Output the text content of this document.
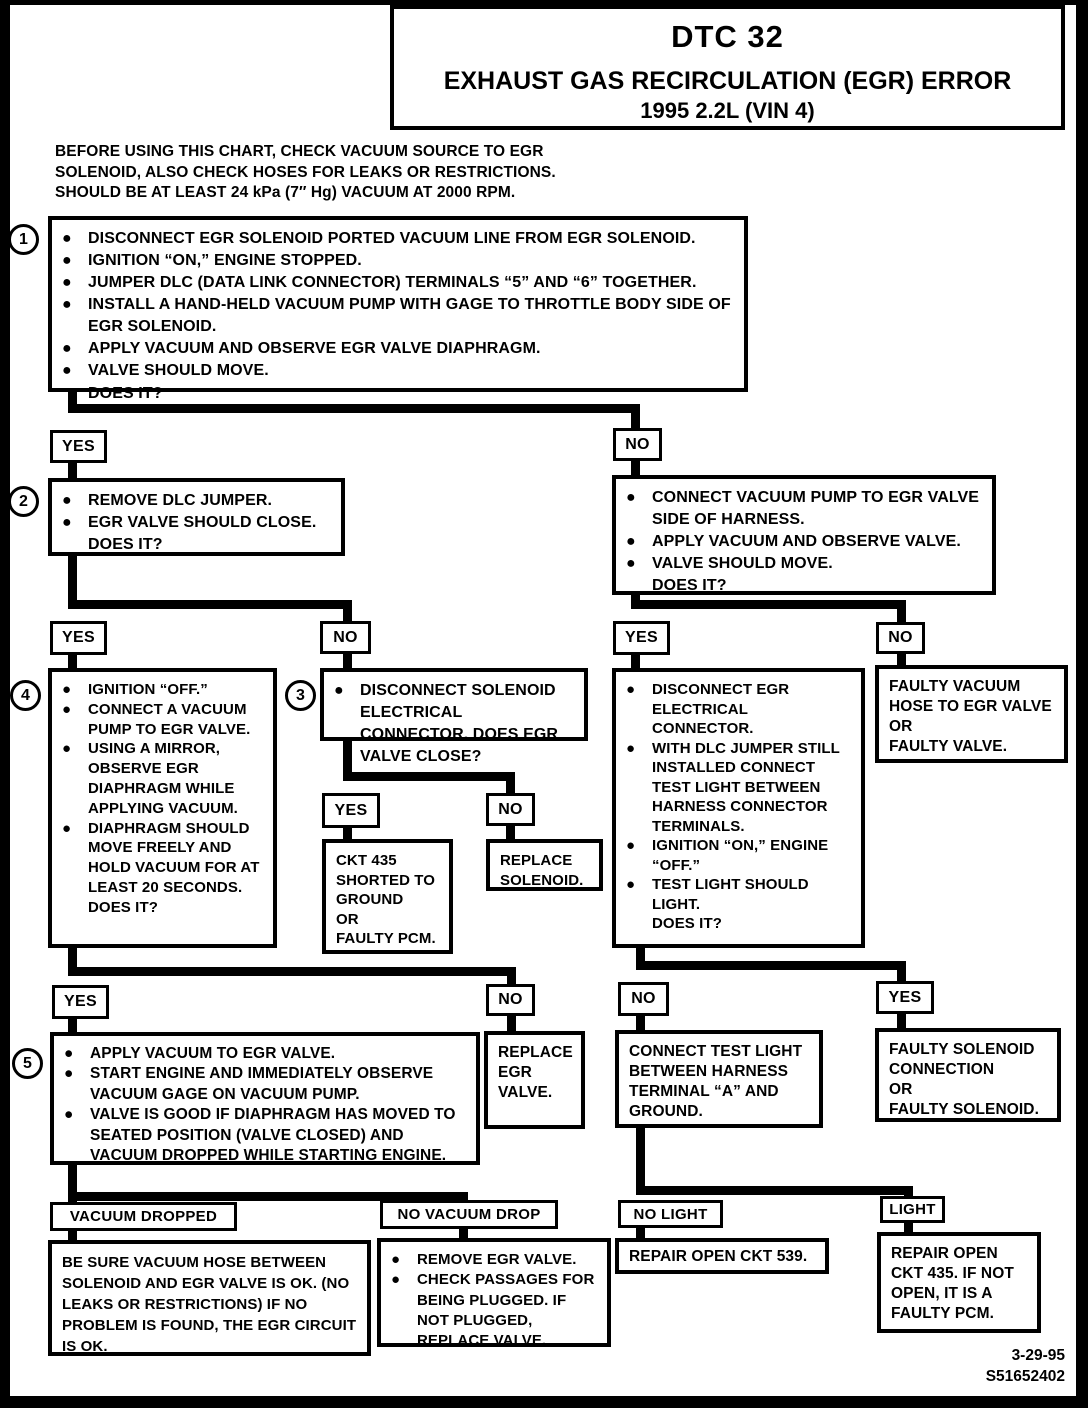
DTC 32
EXHAUST GAS RECIRCULATION (EGR) ERROR
1995 2.2L (VIN 4)
BEFORE USING THIS CHART, CHECK VACUUM SOURCE TO EGR
SOLENOID, ALSO CHECK HOSES FOR LEAKS OR RESTRICTIONS.
SHOULD BE AT LEAST 24 kPa (7″ Hg) VACUUM AT 2000 RPM.
1	●	DISCONNECT EGR SOLENOID PORTED VACUUM LINE FROM EGR SOLENOID.
●	IGNITION “ON,” ENGINE STOPPED.
●	JUMPER DLC (DATA LINK CONNECTOR) TERMINALS “5” AND “6” TOGETHER.
●	INSTALL A HAND-HELD VACUUM PUMP WITH GAGE TO THROTTLE BODY SIDE OF EGR SOLENOID.
●	APPLY VACUUM AND OBSERVE EGR VALVE DIAPHRAGM.
●	VALVE SHOULD MOVE.
DOES IT?
YES	NO
2	●	REMOVE DLC JUMPER.
●	EGR VALVE SHOULD CLOSE.
DOES IT?
●	CONNECT VACUUM PUMP TO EGR VALVE SIDE OF HARNESS.
●	APPLY VACUUM AND OBSERVE VALVE.
●	VALVE SHOULD MOVE.
DOES IT?
YES	NO
4	●	IGNITION “OFF.”
●	CONNECT A VACUUM PUMP TO EGR VALVE.
●	USING A MIRROR, OBSERVE EGR DIAPHRAGM WHILE APPLYING VACUUM.
●	DIAPHRAGM SHOULD MOVE FREELY AND HOLD VACUUM FOR AT LEAST 20 SECONDS.
DOES IT?
3	●	DISCONNECT SOLENOID ELECTRICAL CONNECTOR. DOES EGR VALVE CLOSE?
YES	NO
CKT 435
SHORTED TO
GROUND
OR
FAULTY PCM.
REPLACE
SOLENOID.
YES	NO
●	DISCONNECT EGR ELECTRICAL CONNECTOR.
●	WITH DLC JUMPER STILL INSTALLED CONNECT TEST LIGHT BETWEEN HARNESS CONNECTOR TERMINALS.
●	IGNITION “ON,” ENGINE “OFF.”
●	TEST LIGHT SHOULD LIGHT.
DOES IT?
FAULTY VACUUM
HOSE TO EGR VALVE
OR
FAULTY VALVE.
YES	NO
5
●	APPLY VACUUM TO EGR VALVE.
●	START ENGINE AND IMMEDIATELY OBSERVE VACUUM GAGE ON VACUUM PUMP.
●	VALVE IS GOOD IF DIAPHRAGM HAS MOVED TO SEATED POSITION (VALVE CLOSED) AND VACUUM DROPPED WHILE STARTING ENGINE.
REPLACE
EGR
VALVE.
NO	YES
CONNECT TEST LIGHT BETWEEN HARNESS TERMINAL “A” AND GROUND.
FAULTY SOLENOID
CONNECTION
OR
FAULTY SOLENOID.
VACUUM DROPPED	NO VACUUM DROP
BE SURE VACUUM HOSE BETWEEN SOLENOID AND EGR VALVE IS OK. (NO LEAKS OR RESTRICTIONS) IF NO PROBLEM IS FOUND, THE EGR CIRCUIT IS OK.
●	REMOVE EGR VALVE.
●	CHECK PASSAGES FOR BEING PLUGGED. IF NOT PLUGGED, REPLACE VALVE.
NO LIGHT	LIGHT
REPAIR OPEN CKT 539.	REPAIR OPEN CKT 435. IF NOT OPEN, IT IS A FAULTY PCM.
3-29-95
S51652402
